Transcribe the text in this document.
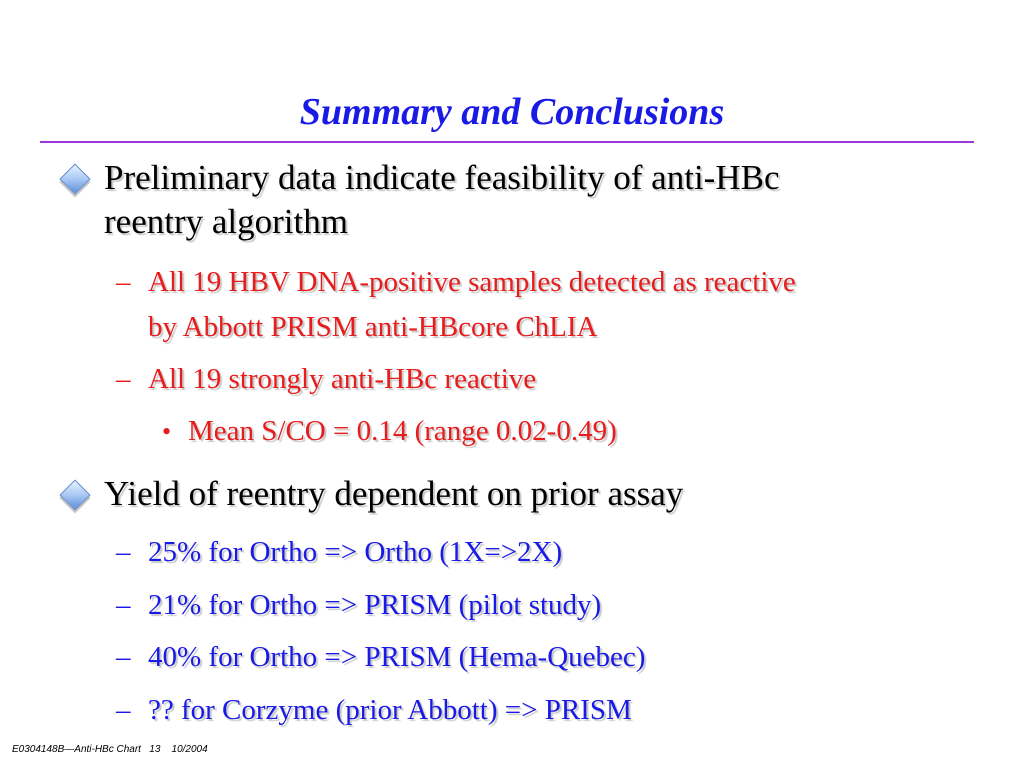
Summary and Conclusions
Preliminary data indicate feasibility of anti-HBc
reentry algorithm
– All 19 HBV DNA-positive samples detected as reactive
by Abbott PRISM anti-HBcore ChLIA
– All 19 strongly anti-HBc reactive
• Mean S/CO = 0.14 (range 0.02-0.49)
Yield of reentry dependent on prior assay
– 25% for Ortho => Ortho (1X=>2X)
– 21% for Ortho => PRISM (pilot study)
– 40% for Ortho => PRISM (Hema-Quebec)
– ?? for Corzyme (prior Abbott) => PRISM
E0304148B—Anti-HBc Chart   13    10/2004
